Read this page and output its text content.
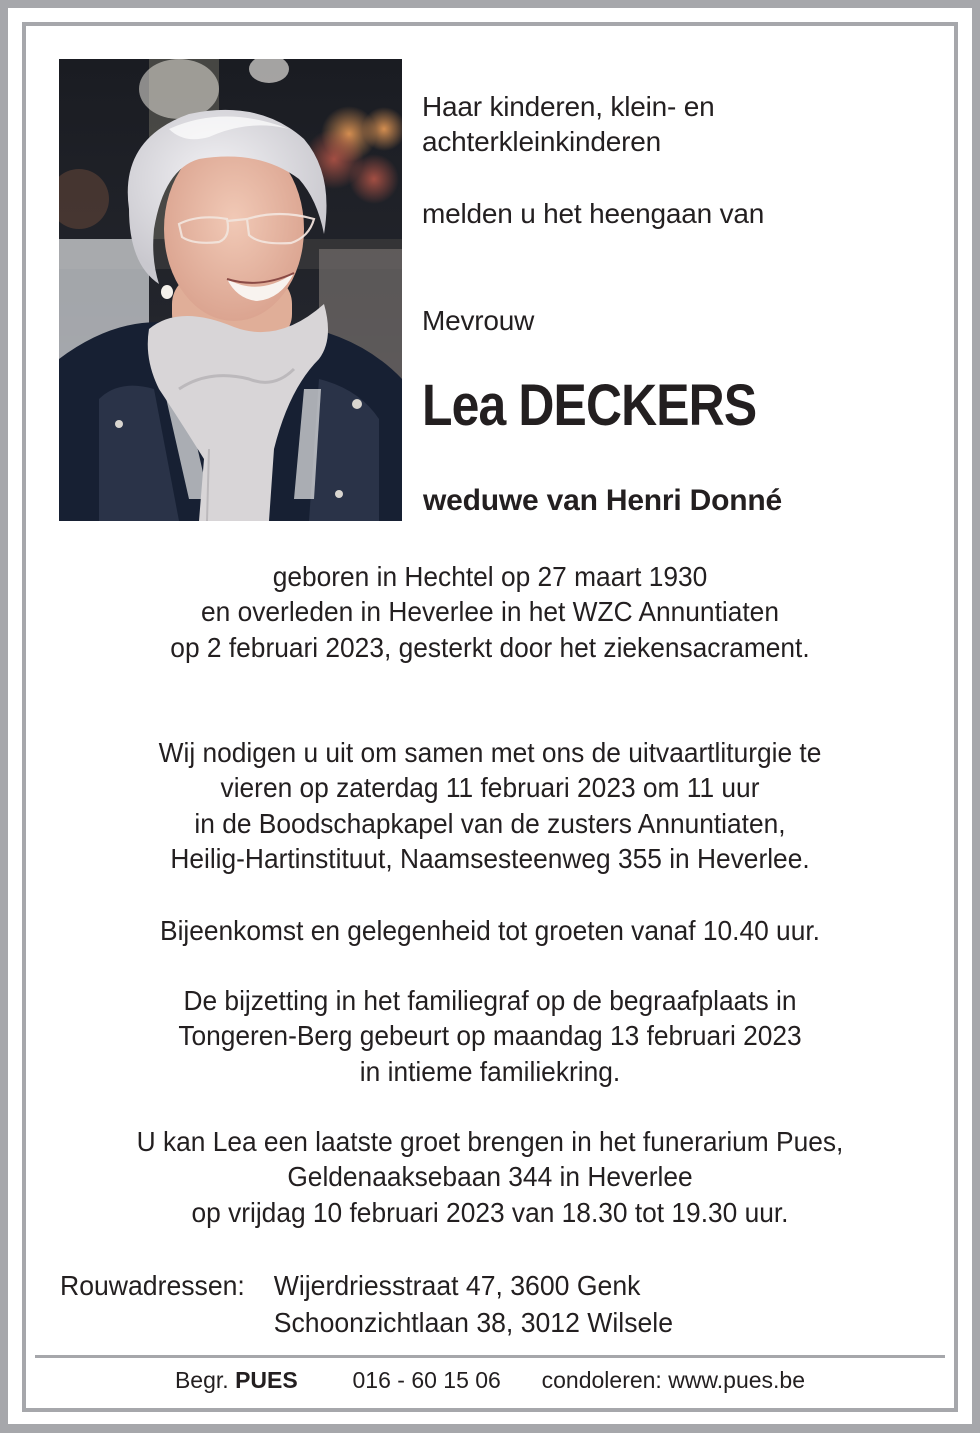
Haar kinderen, klein- en
achterkleinkinderen
melden u het heengaan van
Mevrouw
Lea DECKERS
weduwe van Henri Donné
geboren in Hechtel op 27 maart 1930
en overleden in Heverlee in het WZC Annuntiaten
op 2 februari 2023, gesterkt door het ziekensacrament.
Wij nodigen u uit om samen met ons de uitvaartliturgie te
vieren op zaterdag 11 februari 2023 om 11 uur
in de Boodschapkapel van de zusters Annuntiaten,
Heilig-Hartinstituut, Naamsesteenweg 355 in Heverlee.
Bijeenkomst en gelegenheid tot groeten vanaf 10.40 uur.
De bijzetting in het familiegraf op de begraafplaats in
Tongeren-Berg gebeurt op maandag 13 februari 2023
in intieme familiekring.
U kan Lea een laatste groet brengen in het funerarium Pues,
Geldenaaksebaan 344 in Heverlee
op vrijdag 10 februari 2023 van 18.30 tot 19.30 uur.
Rouwadressen:	Wijerdriesstraat 47, 3600 Genk
Schoonzichtlaan 38, 3012 Wilsele
Begr. PUES 016 - 60 15 06 condoleren: www.pues.be
